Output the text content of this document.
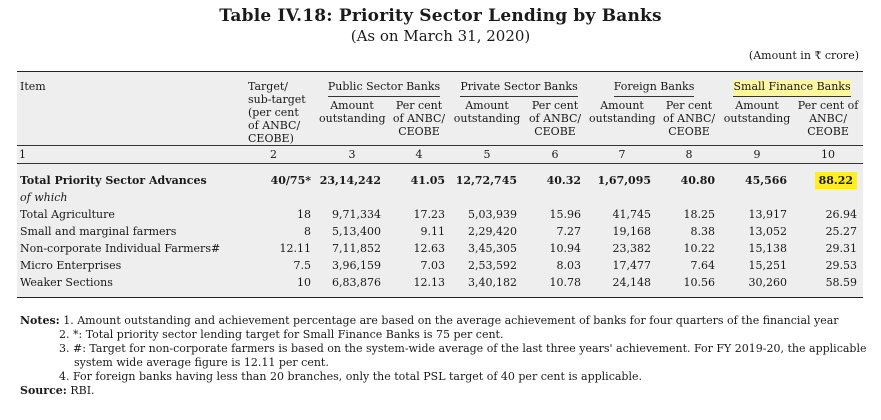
Table IV.18: Priority Sector Lending by Banks
(As on March 31, 2020)
(Amount in ₹ crore)
Item	Target/ sub-target (per cent of ANBC/ CEOBE)	Public Sector Banks		Private Sector Banks		Foreign Banks		Small Finance Banks	
		Amount outstanding	Per cent of ANBC/ CEOBE	Amount outstanding	Per cent of ANBC/ CEOBE	Amount outstanding	Per cent of ANBC/ CEOBE	Amount outstanding	Per cent of ANBC/ CEOBE
1	2	3	4	5	6	7	8	9	10

Total Priority Sector Advances	40/75*	23,14,242	41.05	12,72,745	40.32	1,67,095	40.80	45,566	88.22
of which									
Total Agriculture	18	9,71,334	17.23	5,03,939	15.96	41,745	18.25	13,917	26.94
Small and marginal farmers	8	5,13,400	9.11	2,29,420	7.27	19,168	8.38	13,052	25.27
Non-corporate Individual Farmers#	12.11	7,11,852	12.63	3,45,305	10.94	23,382	10.22	15,138	29.31
Micro Enterprises	7.5	3,96,159	7.03	2,53,592	8.03	17,477	7.64	15,251	29.53
Weaker Sections	10	6,83,876	12.13	3,40,182	10.78	24,148	10.56	30,260	58.59

Notes: 1. Amount outstanding and achievement percentage are based on the average achievement of banks for four quarters of the financial year
2. *: Total priority sector lending target for Small Finance Banks is 75 per cent.
3. #: Target for non-corporate farmers is based on the system-wide average of the last three years' achievement. For FY 2019-20, the applicable
system wide average figure is 12.11 per cent.
4. For foreign banks having less than 20 branches, only the total PSL target of 40 per cent is applicable.
Source: RBI.
